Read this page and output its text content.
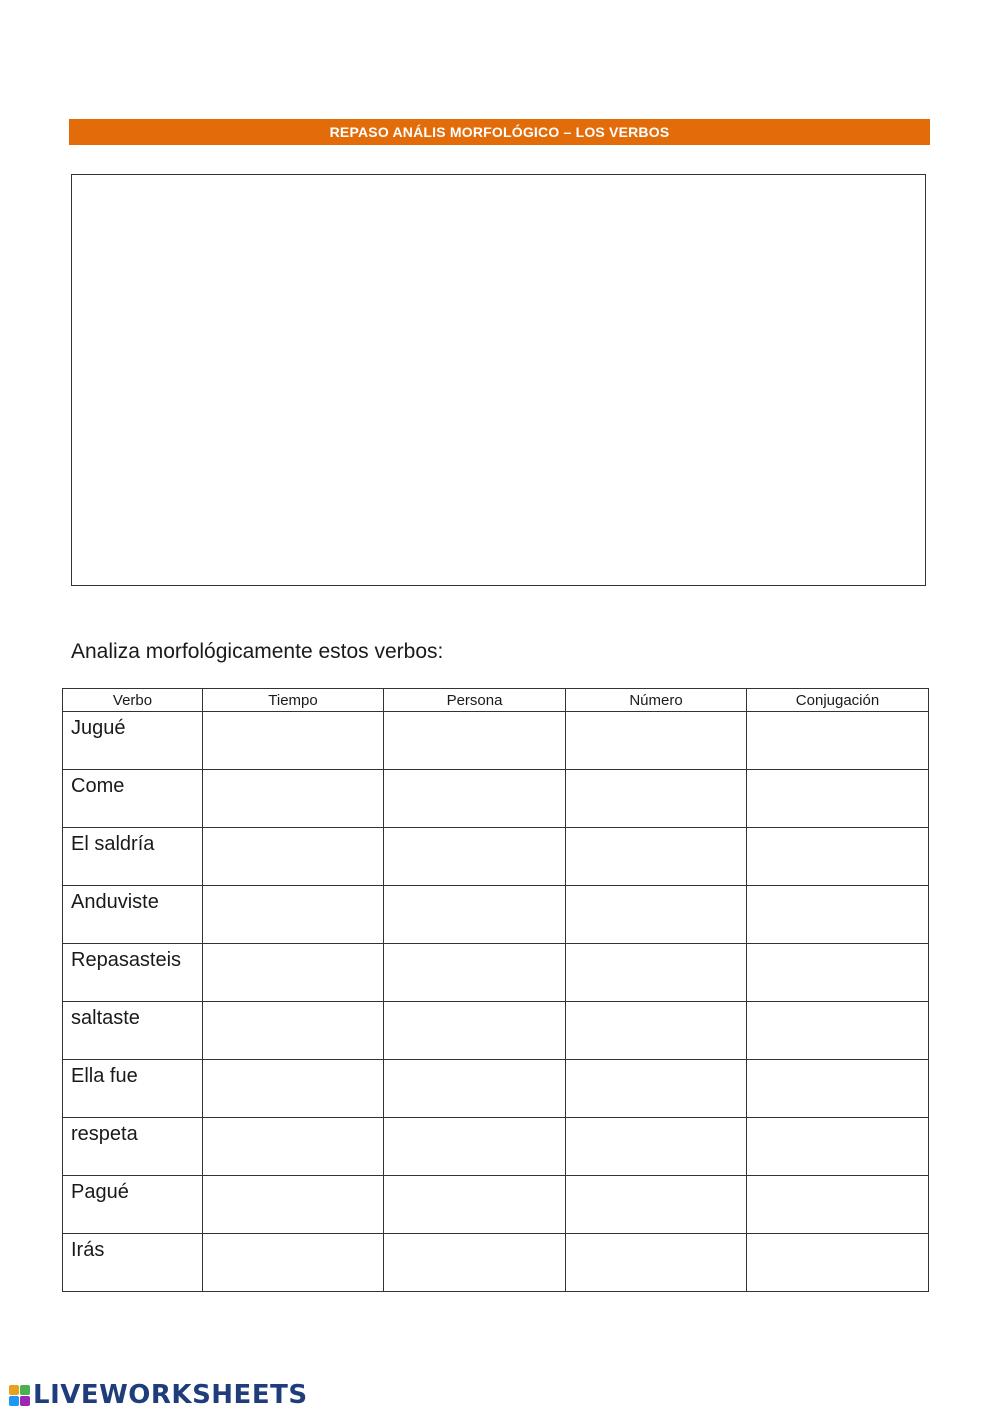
REPASO ANÁLIS MORFOLÓGICO – LOS VERBOS
Analiza morfológicamente estos verbos:
Verbo	Tiempo	Persona	Número	Conjugación
Jugué				
Come				
El saldría				
Anduviste				
Repasasteis				
saltaste				
Ella fue				
respeta				
Pagué				
Irás				
LIVEWORKSHEETS
